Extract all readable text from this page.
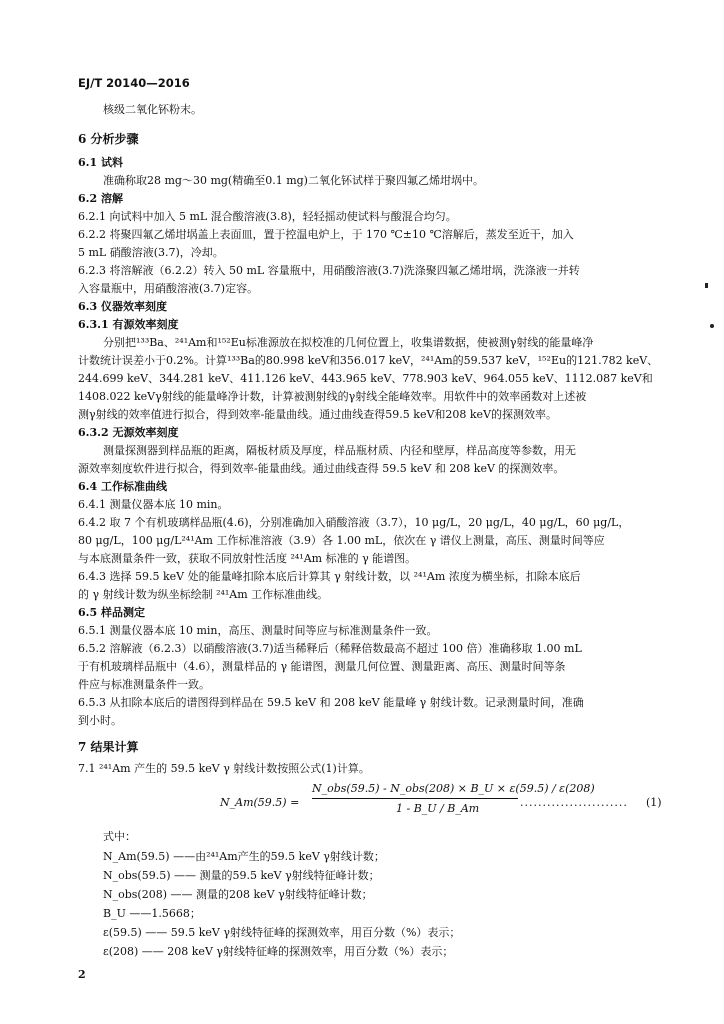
EJ/T 20140—2016
核级二氧化钚粉末。
6 分析步骤
6.1 试料
准确称取28 mg～30 mg(精确至0.1 mg)二氧化钚试样于聚四氟乙烯坩埚中。
6.2 溶解
6.2.1 向试料中加入 5 mL 混合酸溶液(3.8)，轻轻摇动使试料与酸混合均匀。
6.2.2 将聚四氟乙烯坩埚盖上表面皿，置于控温电炉上，于 170 ℃±10 ℃溶解后，蒸发至近干，加入
5 mL 硝酸溶液(3.7)，冷却。
6.2.3 将溶解液（6.2.2）转入 50 mL 容量瓶中，用硝酸溶液(3.7)洗涤聚四氟乙烯坩埚，洗涤液一并转
入容量瓶中，用硝酸溶液(3.7)定容。
6.3 仪器效率刻度
6.3.1 有源效率刻度
分别把¹³³Ba、²⁴¹Am和¹⁵²Eu标准源放在拟校准的几何位置上，收集谱数据，使被测γ射线的能量峰净
计数统计误差小于0.2%。计算¹³³Ba的80.998 keV和356.017 keV，²⁴¹Am的59.537 keV，¹⁵²Eu的121.782 keV、
244.699 keV、344.281 keV、411.126 keV、443.965 keV、778.903 keV、964.055 keV、1112.087 keV和
1408.022 keVγ射线的能量峰净计数，计算被测射线的γ射线全能峰效率。用软件中的效率函数对上述被
测γ射线的效率值进行拟合，得到效率-能量曲线。通过曲线查得59.5 keV和208 keV的探测效率。
6.3.2 无源效率刻度
测量探测器到样品瓶的距离，隔板材质及厚度，样品瓶材质、内径和壁厚，样品高度等参数，用无
源效率刻度软件进行拟合，得到效率-能量曲线。通过曲线查得 59.5 keV 和 208 keV 的探测效率。
6.4 工作标准曲线
6.4.1 测量仪器本底 10 min。
6.4.2 取 7 个有机玻璃样品瓶(4.6)，分别准确加入硝酸溶液（3.7），10 μg/L，20 μg/L，40 μg/L，60 μg/L，
80 μg/L，100 μg/L²⁴¹Am 工作标准溶液（3.9）各 1.00 mL，依次在 γ 谱仪上测量，高压、测量时间等应
与本底测量条件一致，获取不同放射性活度 ²⁴¹Am 标准的 γ 能谱图。
6.4.3 选择 59.5 keV 处的能量峰扣除本底后计算其 γ 射线计数，以 ²⁴¹Am 浓度为横坐标，扣除本底后
的 γ 射线计数为纵坐标绘制 ²⁴¹Am 工作标准曲线。
6.5 样品测定
6.5.1 测量仪器本底 10 min，高压、测量时间等应与标准测量条件一致。
6.5.2 溶解液（6.2.3）以硝酸溶液(3.7)适当稀释后（稀释倍数最高不超过 100 倍）准确移取 1.00 mL
于有机玻璃样品瓶中（4.6），测量样品的 γ 能谱图，测量几何位置、测量距离、高压、测量时间等条
件应与标准测量条件一致。
6.5.3 从扣除本底后的谱图得到样品在 59.5 keV 和 208 keV 能量峰 γ 射线计数。记录测量时间，准确
到小时。
7 结果计算
7.1 ²⁴¹Am 产生的 59.5 keV γ 射线计数按照公式(1)计算。
N_Am(59.5) =
N_obs(59.5) - N_obs(208) × B_U × ε(59.5) / ε(208)
1 - B_U / B_Am	........................ (1)
式中：
N_Am(59.5) ——由²⁴¹Am产生的59.5 keV γ射线计数；
N_obs(59.5) —— 测量的59.5 keV γ射线特征峰计数；
N_obs(208) —— 测量的208 keV γ射线特征峰计数；
B_U ——1.5668；
ε(59.5) —— 59.5 keV γ射线特征峰的探测效率，用百分数（%）表示；
ε(208) —— 208 keV γ射线特征峰的探测效率，用百分数（%）表示；
2
